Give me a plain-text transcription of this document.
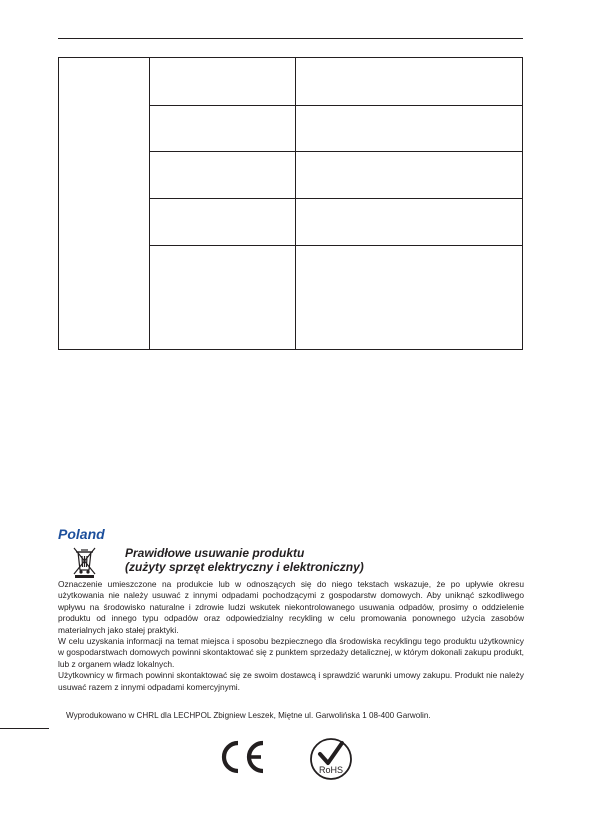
Poland
Prawidłowe usuwanie produktu
(zużyty sprzęt elektryczny i elektroniczny)

Oznaczenie umieszczone na produkcie lub w odnoszących się do niego tekstach wskazuje, że po upływie okresu użytkowania nie należy usuwać z innymi odpadami pochodzącymi z gospodarstw domowych. Aby uniknąć szkodliwego wpływu na środowisko naturalne i zdrowie ludzi wskutek niekontrolowanego usuwania odpadów, prosimy o oddzielenie produktu od innego typu odpadów oraz odpowiedzialny recykling w celu promowania ponownego użycia zasobów materialnych jako stałej praktyki.

W celu uzyskania informacji na temat miejsca i sposobu bezpiecznego dla środowiska recyklingu tego produktu użytkownicy w gospodarstwach domowych powinni skontaktować się z punktem sprzedaży detalicznej, w którym dokonali zakupu produkt, lub z organem władz lokalnych.

Użytkownicy w firmach powinni skontaktować się ze swoim dostawcą i sprawdzić warunki umowy zakupu. Produkt nie należy usuwać razem z innymi odpadami komercyjnymi.

Wyprodukowano w CHRL dla LECHPOL Zbigniew Leszek, Miętne ul. Garwolińska 1 08-400 Garwolin.
RoHS
